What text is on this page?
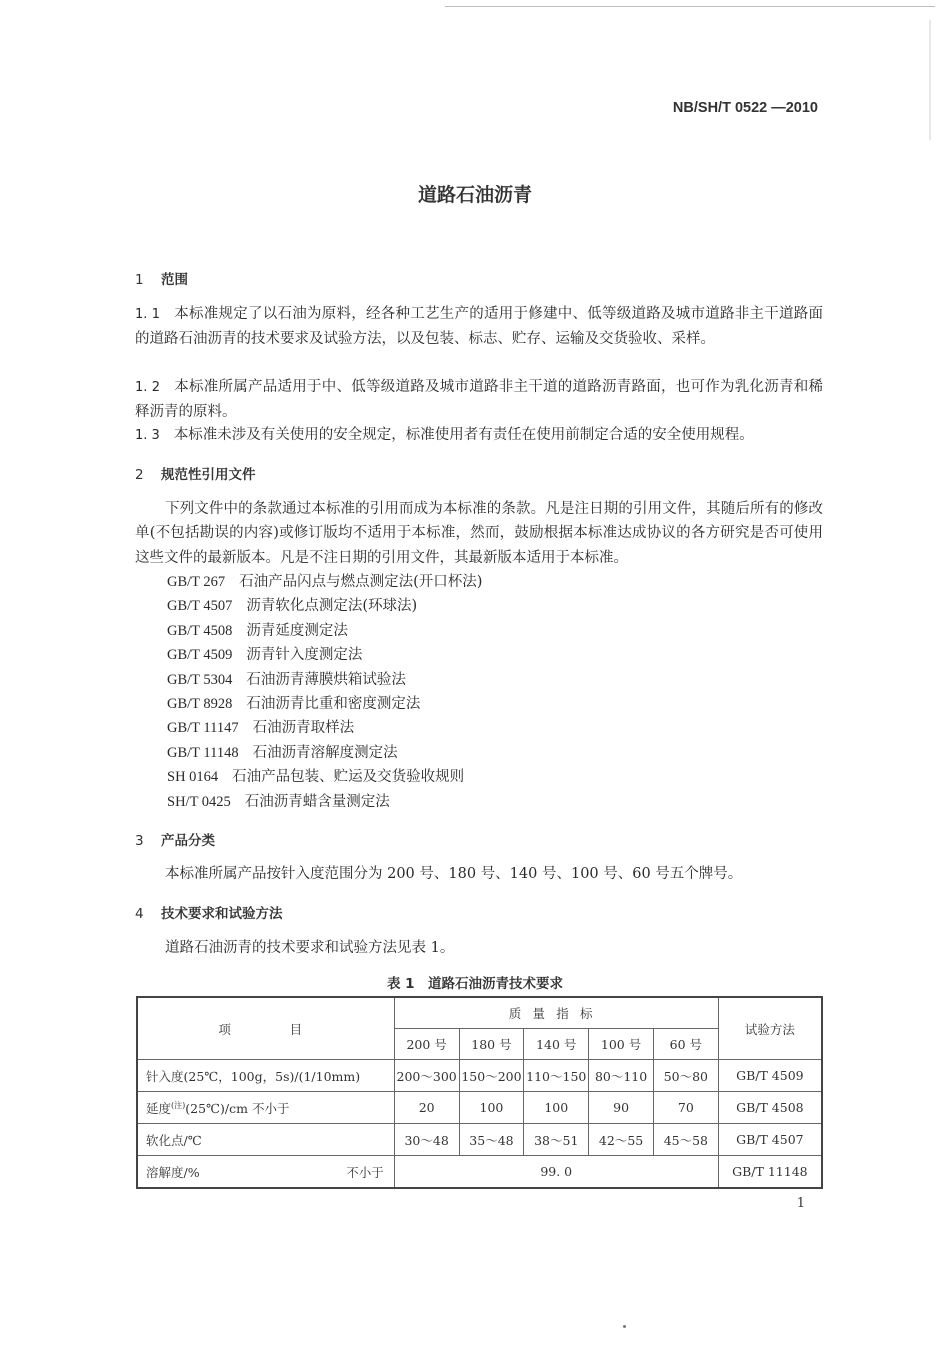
NB/SH/T 0522 —2010
道路石油沥青
1 范围
1. 1 本标准规定了以石油为原料，经各种工艺生产的适用于修建中、低等级道路及城市道路非主干道路面的道路石油沥青的技术要求及试验方法，以及包装、标志、贮存、运输及交货验收、采样。
1. 2 本标准所属产品适用于中、低等级道路及城市道路非主干道的道路沥青路面，也可作为乳化沥青和稀释沥青的原料。
1. 3 本标准未涉及有关使用的安全规定，标准使用者有责任在使用前制定合适的安全使用规程。
2 规范性引用文件
下列文件中的条款通过本标准的引用而成为本标准的条款。凡是注日期的引用文件，其随后所有的修改单(不包括勘误的内容)或修订版均不适用于本标准，然而，鼓励根据本标准达成协议的各方研究是否可使用这些文件的最新版本。凡是不注日期的引用文件，其最新版本适用于本标准。
GB/T 267 石油产品闪点与燃点测定法(开口杯法)
GB/T 4507 沥青软化点测定法(环球法)
GB/T 4508 沥青延度测定法
GB/T 4509 沥青针入度测定法
GB/T 5304 石油沥青薄膜烘箱试验法
GB/T 8928 石油沥青比重和密度测定法
GB/T 11147 石油沥青取样法
GB/T 11148 石油沥青溶解度测定法
SH 0164 石油产品包装、贮运及交货验收规则
SH/T 0425 石油沥青蜡含量测定法
3 产品分类
本标准所属产品按针入度范围分为 200 号、180 号、140 号、100 号、60 号五个牌号。
4 技术要求和试验方法
道路石油沥青的技术要求和试验方法见表 1。
表 1　道路石油沥青技术要求
项　　目	质量指标					试验方法
	200 号	180 号	140 号	100 号	60 号	
针入度(25℃，100g，5s)/(1/10mm)	200～300	150～200	110～150	80～110	50～80	GB/T 4509
延度$^{(注)}$(25℃)/cm 不小于	20	100	100	90	70	GB/T 4508
软化点/℃	30～48	35～48	38～51	42～55	45～58	GB/T 4507

溶解度/% 不小于	99. 0					GB/T 11148
1
